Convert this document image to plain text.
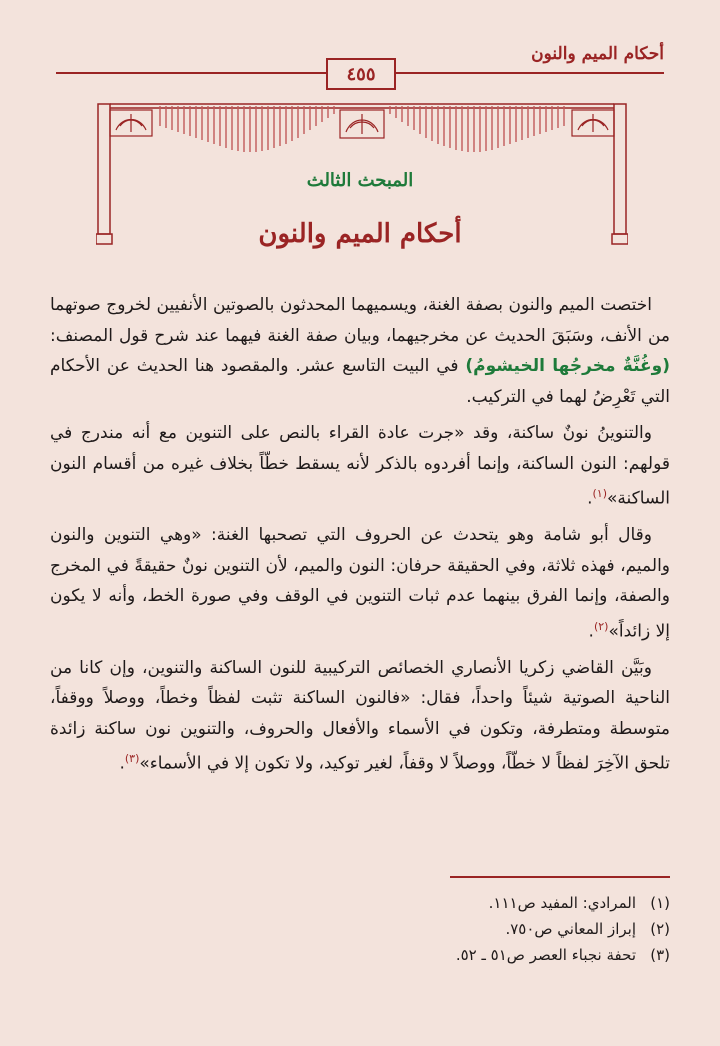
أحكام الميم والنون
٤٥٥
المبحث الثالث
أحكام الميم والنون

اختصت الميم والنون بصفة الغنة، ويسميهما المحدثون بالصوتين الأنفيين لخروج صوتهما من الأنف، وسَبَقَ الحديث عن مخرجيهما، وبيان صفة الغنة فيهما عند شرح قول المصنف: (وغُنَّةٌ مخرجُها الخيشومُ) في البيت التاسع عشر. والمقصود هنا الحديث عن الأحكام التي تَعْرِضُ لهما في التركيب.

والتنوينُ نونٌ ساكنة، وقد «جرت عادة القراء بالنص على التنوين مع أنه مندرج في قولهم: النون الساكنة، وإنما أفردوه بالذكر لأنه يسقط خطّاً بخلاف غيره من أقسام النون الساكنة»$^{(١)}$.

وقال أبو شامة وهو يتحدث عن الحروف التي تصحبها الغنة: «وهي التنوين والنون والميم، فهذه ثلاثة، وفي الحقيقة حرفان: النون والميم، لأن التنوين نونٌ حقيقةً في المخرج والصفة، وإنما الفرق بينهما عدم ثبات التنوين في الوقف وفي صورة الخط، وأنه لا يكون إلا زائداً»$^{(٢)}$.

وبَيَّن القاضي زكريا الأنصاري الخصائص التركيبية للنون الساكنة والتنوين، وإن كانا من الناحية الصوتية شيئاً واحداً، فقال: «فالنون الساكنة تثبت لفظاً وخطاً، ووصلاً ووقفاً، متوسطة ومتطرفة، وتكون في الأسماء والأفعال والحروف، والتنوين نون ساكنة زائدة تلحق الآخِرَ لفظاً لا خطّاً، ووصلاً لا وقفاً، لغير توكيد، ولا تكون إلا في الأسماء»$^{(٣)}$.

(١)المرادي: المفيد ص١١١.
(٢)إبراز المعاني ص٧٥٠.
(٣)تحفة نجباء العصر ص٥١ ـ ٥٢.
